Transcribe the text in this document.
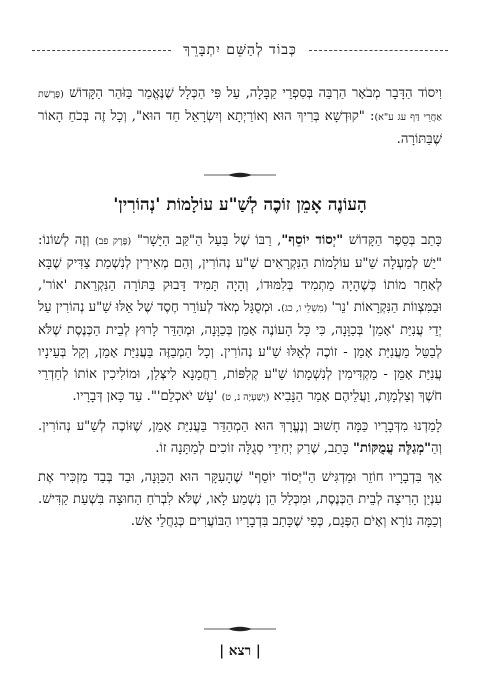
כְּבוֹד לְהַשֵּׁם יִתְבָּרֵךְ

וִיסוֹד הַדָּבָר מְבֹאָר הַרְבֵּה בְּסִפְרֵי קַבָּלָה, עַל פִּי הַכְּלָל שֶׁנֶּאֱמַר בַּזֹּהַר הַקָּדוֹשׁ (פָּרָשַׁת אַחֲרֵי דַּף עג ע"א): "קוּדְשָׁא בְּרִיךְ הוּא וְאוֹרַיְתָא וְיִשְׂרָאֵל חַד הוּא", וְכָל זֶה בְּכֹחַ הָאוֹר שֶׁבַּתּוֹרָה.

הָעוֹנֶה אָמֵן זוֹכֶה לְשַׁ"ע עוֹלָמוֹת 'נְהוֹרִין'

כָּתַב בְּסֵפֶר הַקָּדוֹשׁ "יְסוֹד יוֹסֵף", רַבּוֹ שֶׁל בַּעַל הַ"קַּב הַיָּשָׁר" (פֶּרֶק פב) וְזֶה לְשׁוֹנוֹ: "יֵשׁ לְמַעְלָה שַׁ"ע עוֹלָמוֹת הַנִּקְרָאִים שַׁ"ע נְהוֹרִין, וְהֵם מְאִירִין לְנִשְׁמַת צַדִּיק שֶׁבָּא לְאַחַר מוֹתוֹ כְּשֶׁהָיָה מַתְמִיד בְּלִמּוּדוֹ, וְהָיָה תָּמִיד דָּבוּק בַּתּוֹרָה הַנִּקְרֵאת 'אוֹר', וּבַמִּצְווֹת הַנִּקְרָאוֹת 'נֵר' (מִשְׁלֵי ו, כג). וּמְסֻגָּל מְאֹד לְעוֹרֵר חֶסֶד שֶׁל אֵלּוּ שַׁ"ע נְהוֹרִין עַל יְדֵי עֲנִיַּת 'אָמֵן' בְּכַוָּנָה, כִּי כָּל הָעוֹנֶה אָמֵן בְּכַוָּנָה, וּמְהַדֵּר לָרוּץ לְבֵית הַכְּנֶסֶת שֶׁלֹּא לְבַטֵּל מֵעֲנִיַּת אָמֵן - זוֹכֶה לְאֵלּוּ שַׁ"ע נְהוֹרִין. וְכָל הַמְבַזֶּה בַּעֲנִיַּת אָמֵן, וְקַל בְּעֵינָיו עֲנִיַּת אָמֵן - מַקְדִּימִין לְנִשְׁמָתוֹ שַׁ"ע קְלִפּוֹת, רַחֲמָנָא לִיצְּלַן, וּמוֹלִיכִין אוֹתוֹ לְחַדְרֵי חֹשֶׁךְ וְצַלְמָוֶת, וַעֲלֵיהֶם אָמַר הַנָּבִיא (יְשַׁעְיָה נ, ט) 'עָשׁ יֹאכְלֵם'". עַד כָּאן דְּבָרָיו.

לָמַדְנוּ מִדְּבָרָיו כַּמָּה חָשׁוּב וְנֶעֱרָךְ הוּא הַמְהַדֵּר בַּעֲנִיַּת אָמֵן, שֶׁזּוֹכֶה לְשַׁ"ע נְהוֹרִין. וְהַ"מְגַלֶּה עֲמֻקּוֹת" כָּתַב, שֶׁרַק יְחִידֵי סְגֻלָּה זוֹכִים לְמַתָּנָה זוֹ.

אַךְ בִּדְבָרָיו חוֹזֵר וּמַדְגִּישׁ הַ"יְּסוֹד יוֹסֵף" שֶׁהָעִקָּר הוּא הַכַּוָּנָה, וּבַד בְּבַד מַזְכִּיר אֶת עִנְיַן הָרִיצָה לְבֵית הַכְּנֶסֶת, וּמִכְּלַל הֵן נִשְׁמַע לָאו, שֶׁלֹּא לִבְרֹחַ הַחוּצָה בִּשְׁעַת קַדִּישׁ. וְכַמָּה נוֹרָא וְאָיֹם הַפְּגָם, כְּפִי שֶׁכָּתַב בִּדְבָרָיו הַבּוֹעֲרִים כְּגַחֲלֵי אֵשׁ.

| רצא |
